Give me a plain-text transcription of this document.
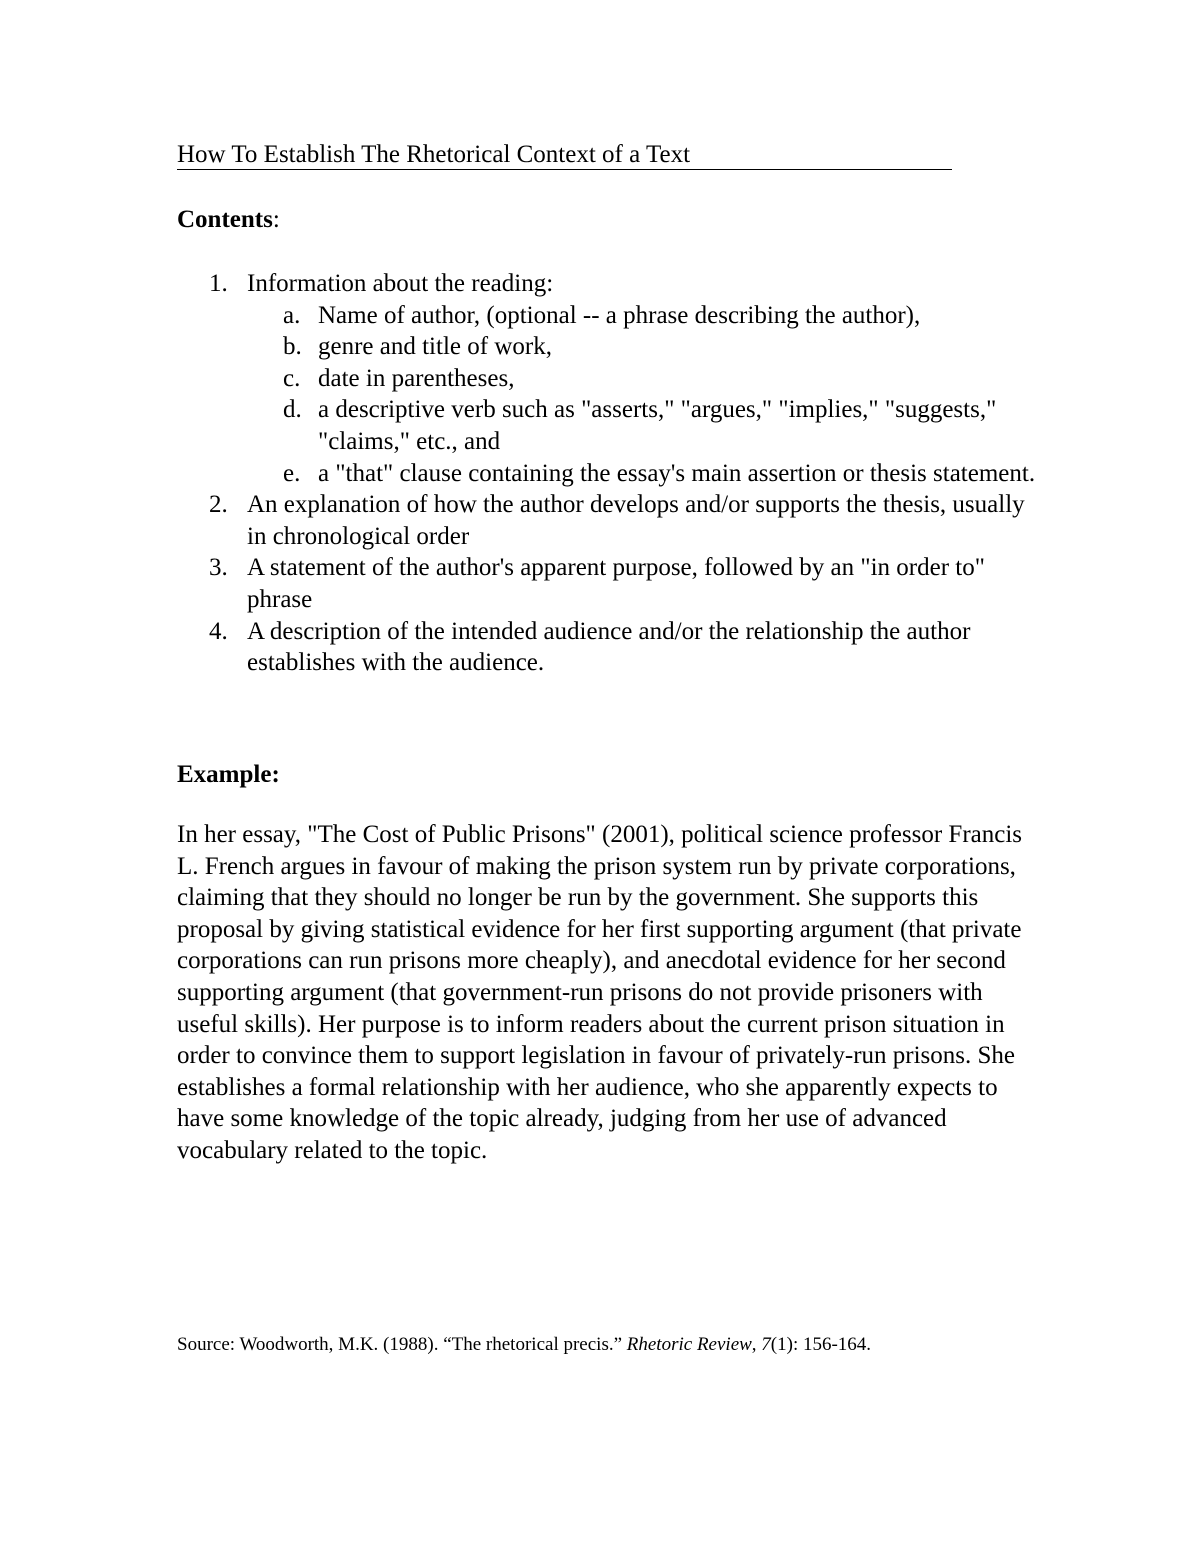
How To Establish The Rhetorical Context of a Text
Contents:
1. Information about the reading:
a. Name of author, (optional -- a phrase describing the author),
b. genre and title of work,
c. date in parentheses,
d. a descriptive verb such as "asserts," "argues," "implies," "suggests," "claims," etc., and
e. a "that" clause containing the essay's main assertion or thesis statement.
2. An explanation of how the author develops and/or supports the thesis, usually in chronological order
3. A statement of the author's apparent purpose, followed by an "in order to" phrase
4. A description of the intended audience and/or the relationship the author establishes with the audience.
Example:

In her essay, "The Cost of Public Prisons" (2001), political science professor Francis L. French argues in favour of making the prison system run by private corporations, claiming that they should no longer be run by the government. She supports this proposal by giving statistical evidence for her first supporting argument (that private corporations can run prisons more cheaply), and anecdotal evidence for her second supporting argument (that government-run prisons do not provide prisoners with useful skills). Her purpose is to inform readers about the current prison situation in order to convince them to support legislation in favour of privately-run prisons. She establishes a formal relationship with her audience, who she apparently expects to have some knowledge of the topic already, judging from her use of advanced vocabulary related to the topic.

Source: Woodworth, M.K. (1988). “The rhetorical precis.” Rhetoric Review, 7(1): 156-164.
